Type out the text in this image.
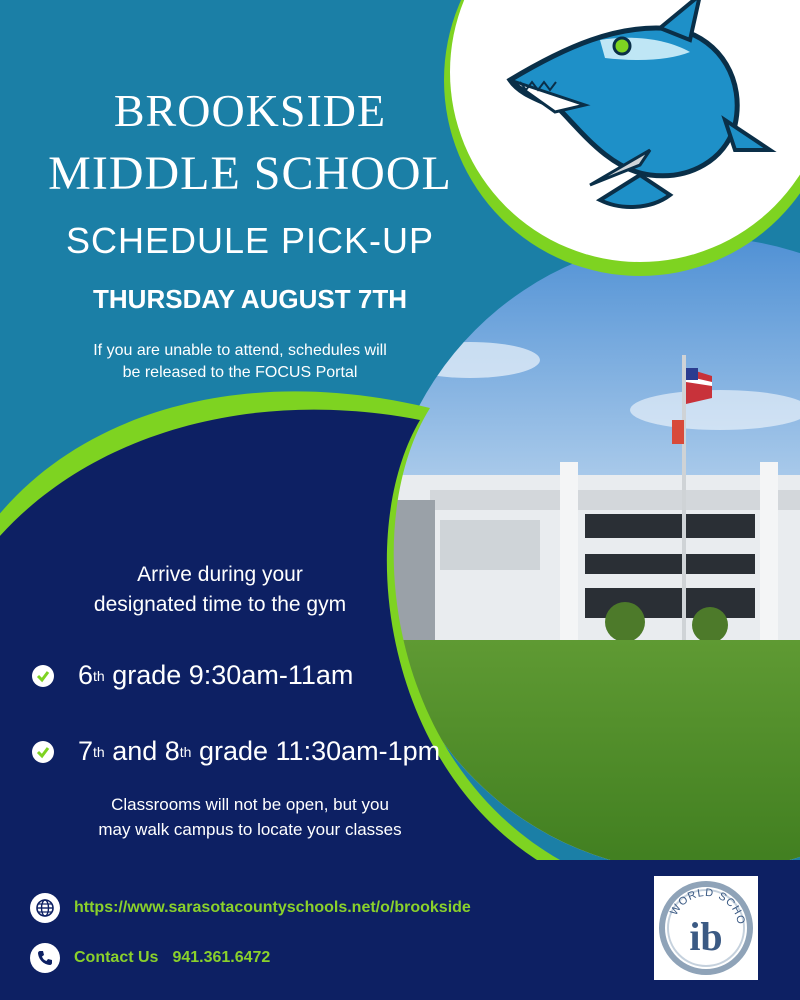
BROOKSIDE
MIDDLE SCHOOL
SCHEDULE PICK-UP
THURSDAY AUGUST 7TH
If you are unable to attend, schedules will
be released to the FOCUS Portal
Arrive during your
designated time to the gym
6 th grade 9:30am-11am
7 th and 8 th grade 11:30am-1pm
Classrooms will not be open, but you
may walk campus to locate your classes
https://www.sarasotacountyschools.net/o/brookside
Contact Us 941.361.6472
WORLD SCHO
ib
